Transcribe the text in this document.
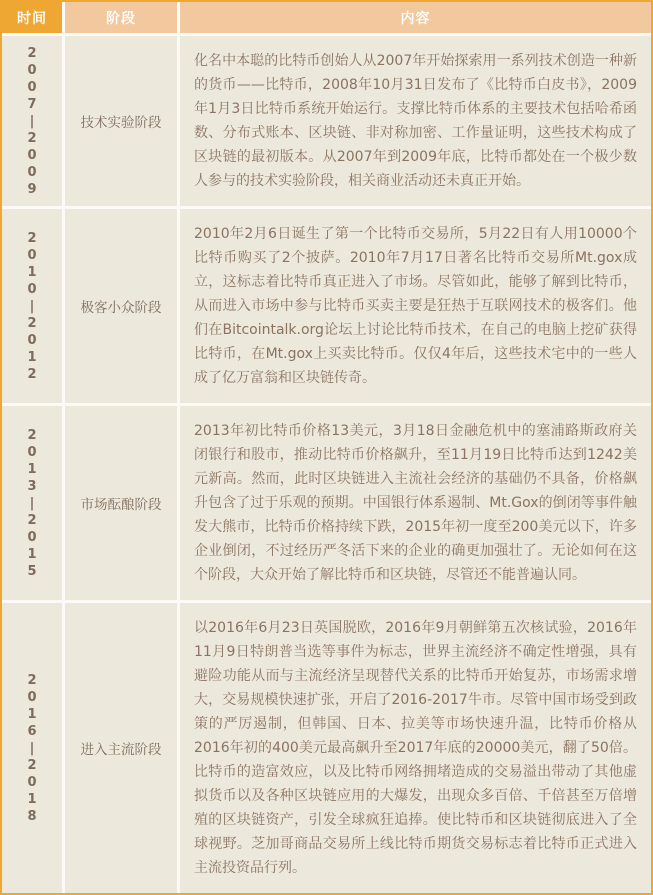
时间	阶段	内容
2007|2009
技术实验阶段
化名中本聪的比特币创始人从2007年开始探索用一系列技术创造一种新的货币——比特币，2008年10月31日发布了《比特币白皮书》，2009年1月3日比特币系统开始运行。支撑比特币体系的主要技术包括哈希函数、分布式账本、区块链、非对称加密、工作量证明，这些技术构成了区块链的最初版本。从2007年到2009年底，比特币都处在一个极少数人参与的技术实验阶段，相关商业活动还未真正开始。
2010|2012
极客小众阶段
2010年2月6日诞生了第一个比特币交易所，5月22日有人用10000个比特币购买了2个披萨。2010年7月17日著名比特币交易所Mt.gox成立，这标志着比特币真正进入了市场。尽管如此，能够了解到比特币，从而进入市场中参与比特币买卖主要是狂热于互联网技术的极客们。他们在Bitcointalk.org论坛上讨论比特币技术，在自己的电脑上挖矿获得比特币，在Mt.gox上买卖比特币。仅仅4年后，这些技术宅中的一些人成了亿万富翁和区块链传奇。
2013|2015
市场酝酿阶段
2013年初比特币价格13美元，3月18日金融危机中的塞浦路斯政府关闭银行和股市，推动比特币价格飙升，至11月19日比特币达到1242美元新高。然而，此时区块链进入主流社会经济的基础仍不具备，价格飙升包含了过于乐观的预期。中国银行体系遏制、Mt.Gox的倒闭等事件触发大熊市，比特币价格持续下跌，2015年初一度至200美元以下，许多企业倒闭，不过经历严冬活下来的企业的确更加强壮了。无论如何在这个阶段，大众开始了解比特币和区块链，尽管还不能普遍认同。
2016|2018
进入主流阶段
以2016年6月23日英国脱欧，2016年9月朝鲜第五次核试验，2016年11月9日特朗普当选等事件为标志，世界主流经济不确定性增强，具有避险功能从而与主流经济呈现替代关系的比特币开始复苏，市场需求增大，交易规模快速扩张，开启了2016-2017牛市。尽管中国市场受到政策的严厉遏制，但韩国、日本、拉美等市场快速升温，比特币价格从2016年初的400美元最高飙升至2017年底的20000美元，翻了50倍。比特币的造富效应，以及比特币网络拥堵造成的交易溢出带动了其他虚拟货币以及各种区块链应用的大爆发，出现众多百倍、千倍甚至万倍增殖的区块链资产，引发全球疯狂追捧。使比特币和区块链彻底进入了全球视野。芝加哥商品交易所上线比特币期货交易标志着比特币正式进入主流投资品行列。
